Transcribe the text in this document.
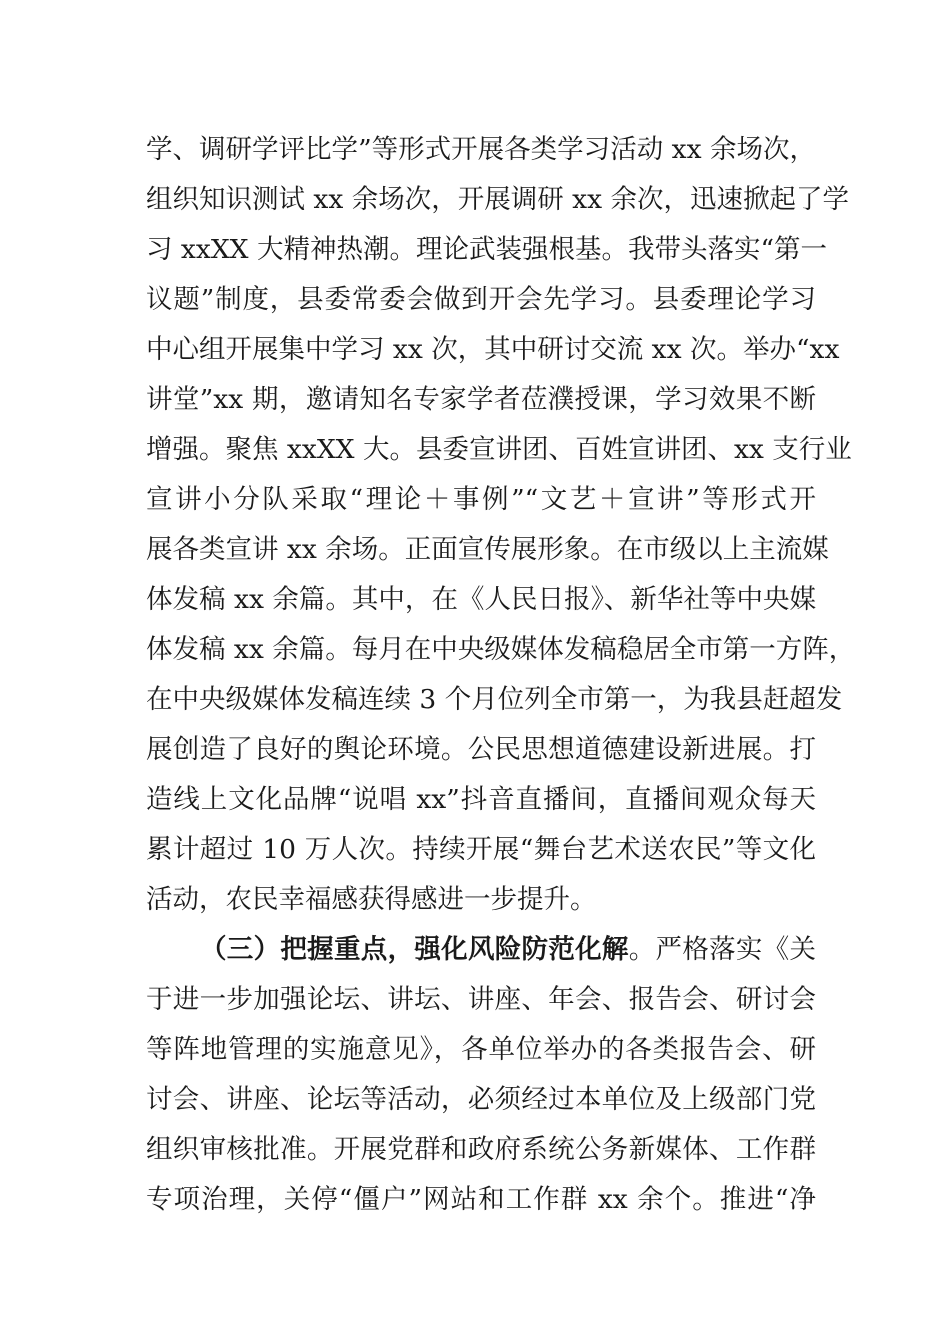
学、调研学评比学”等形式开展各类学习活动 xx 余场次，
组织知识测试 xx 余场次，开展调研 xx 余次，迅速掀起了学
习 xxXX 大精神热潮。理论武装强根基。我带头落实“第一
议题”制度，县委常委会做到开会先学习。县委理论学习
中心组开展集中学习 xx 次，其中研讨交流 xx 次。举办“xx
讲堂”xx 期，邀请知名专家学者莅濮授课，学习效果不断
增强。聚焦 xxXX 大。县委宣讲团、百姓宣讲团、xx 支行业
宣讲小分队采取“理论＋事例”“文艺＋宣讲”等形式开
展各类宣讲 xx 余场。正面宣传展形象。在市级以上主流媒
体发稿 xx 余篇。其中，在《人民日报》、新华社等中央媒
体发稿 xx 余篇。每月在中央级媒体发稿稳居全市第一方阵，
在中央级媒体发稿连续 3 个月位列全市第一，为我县赶超发
展创造了良好的舆论环境。公民思想道德建设新进展。打
造线上文化品牌“说唱 xx”抖音直播间，直播间观众每天
累计超过 10 万人次。持续开展“舞台艺术送农民”等文化
活动，农民幸福感获得感进一步提升。
（三）把握重点，强化风险防范化解。严格落实《关
于进一步加强论坛、讲坛、讲座、年会、报告会、研讨会
等阵地管理的实施意见》，各单位举办的各类报告会、研
讨会、讲座、论坛等活动，必须经过本单位及上级部门党
组织审核批准。开展党群和政府系统公务新媒体、工作群
专项治理，关停“僵户”网站和工作群 xx 余个。推进“净
